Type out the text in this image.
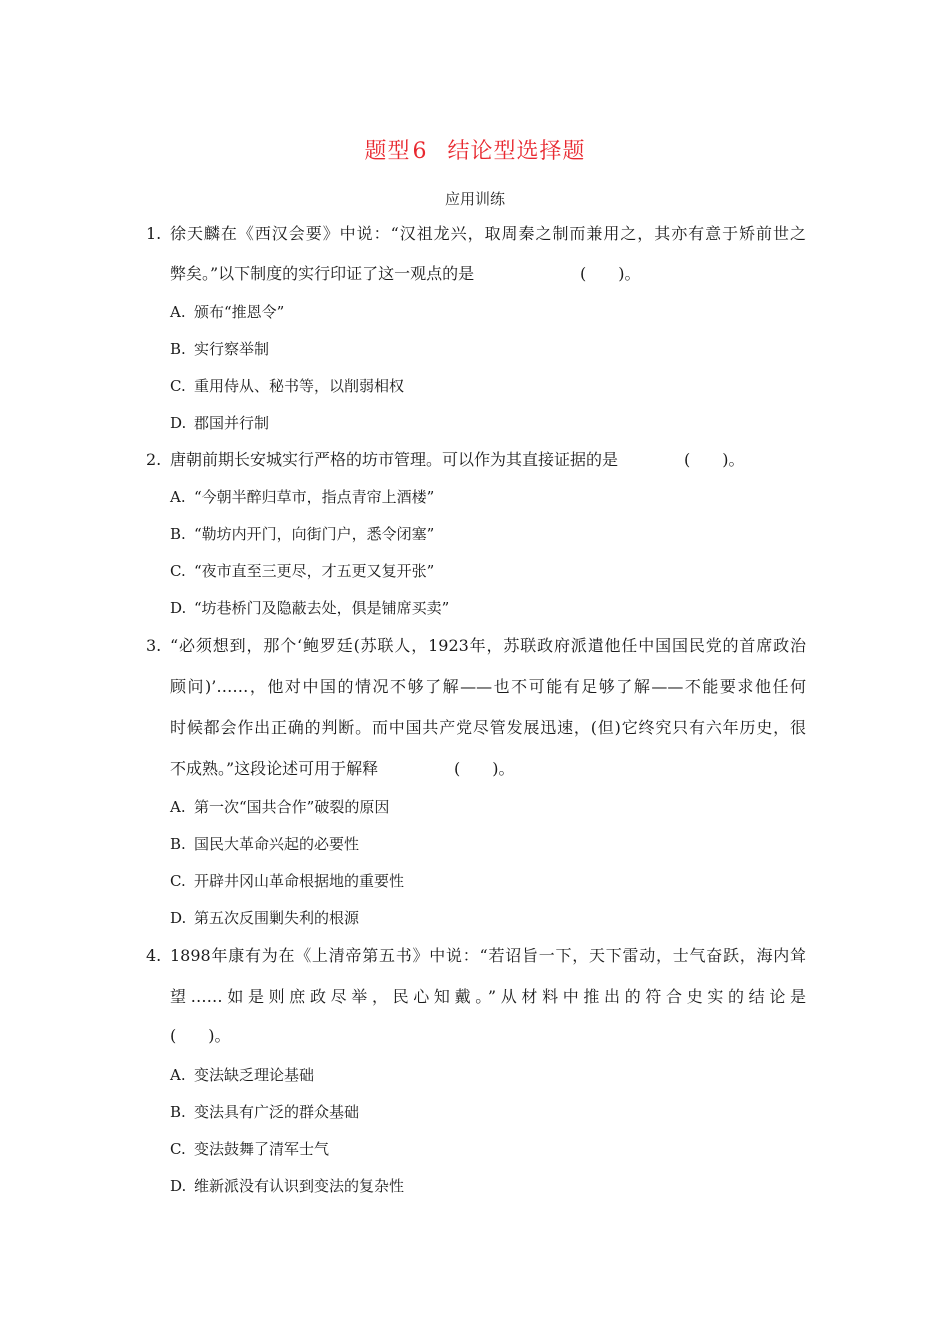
题型6 结论型选择题
应用训练
1. 徐天麟在《西汉会要》中说：“汉祖龙兴，取周秦之制而兼用之，其亦有意于矫前世之
弊矣。”以下制度的实行印证了这一观点的是	(　　)。
A. 颁布“推恩令”
B. 实行察举制
C. 重用侍从、秘书等，以削弱相权
D. 郡国并行制
2. 唐朝前期长安城实行严格的坊市管理。可以作为其直接证据的是	(　　)。
A. “今朝半醉归草市，指点青帘上酒楼”
B. “勒坊内开门，向街门户，悉令闭塞”
C. “夜市直至三更尽，才五更又复开张”
D. “坊巷桥门及隐蔽去处，俱是铺席买卖”
3. “必须想到，那个‘鲍罗廷(苏联人，1923年，苏联政府派遣他任中国国民党的首席政治
顾问)’……，他对中国的情况不够了解——也不可能有足够了解——不能要求他任何
时候都会作出正确的判断。而中国共产党尽管发展迅速，(但)它终究只有六年历史，很
不成熟。”这段论述可用于解释	(　　)。
A. 第一次“国共合作”破裂的原因
B. 国民大革命兴起的必要性
C. 开辟井冈山革命根据地的重要性
D. 第五次反围剿失利的根源
4. 1898年康有为在《上清帝第五书》中说：“若诏旨一下，天下雷动，士气奋跃，海内耸
望……如是则庶政尽举，民心知戴。”从材料中推出的符合史实的结论是
(　　)。
A. 变法缺乏理论基础
B. 变法具有广泛的群众基础
C. 变法鼓舞了清军士气
D. 维新派没有认识到变法的复杂性
